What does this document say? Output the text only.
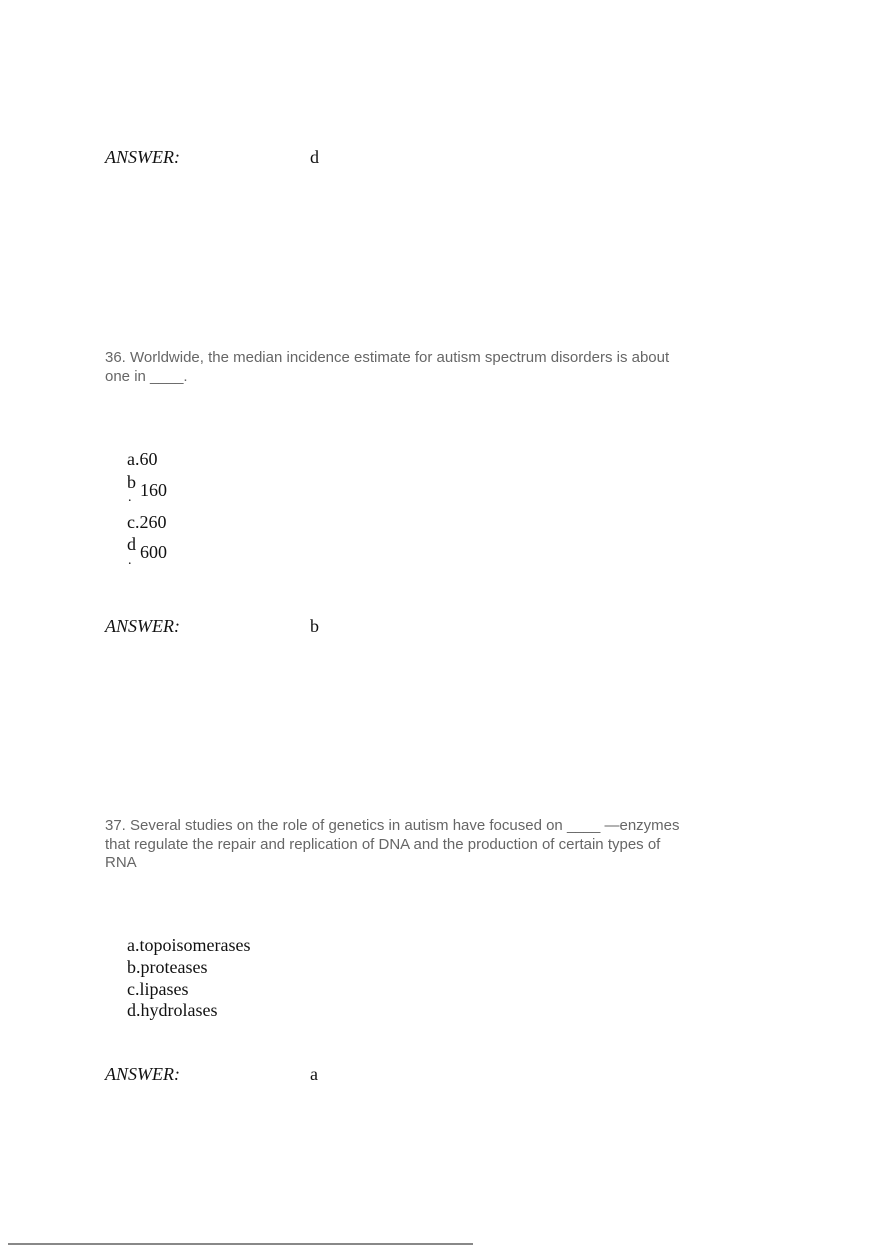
ANSWER:	d
36. Worldwide, the median incidence estimate for autism spectrum disorders is about
one in ____.
a.60
b 160
.
c.260
d 600
.
ANSWER:	b
37. Several studies on the role of genetics in autism have focused on ____ —enzymes
that regulate the repair and replication of DNA and the production of certain types of
RNA
a.topoisomerases
b.proteases
c.lipases
d.hydrolases
ANSWER:	a
